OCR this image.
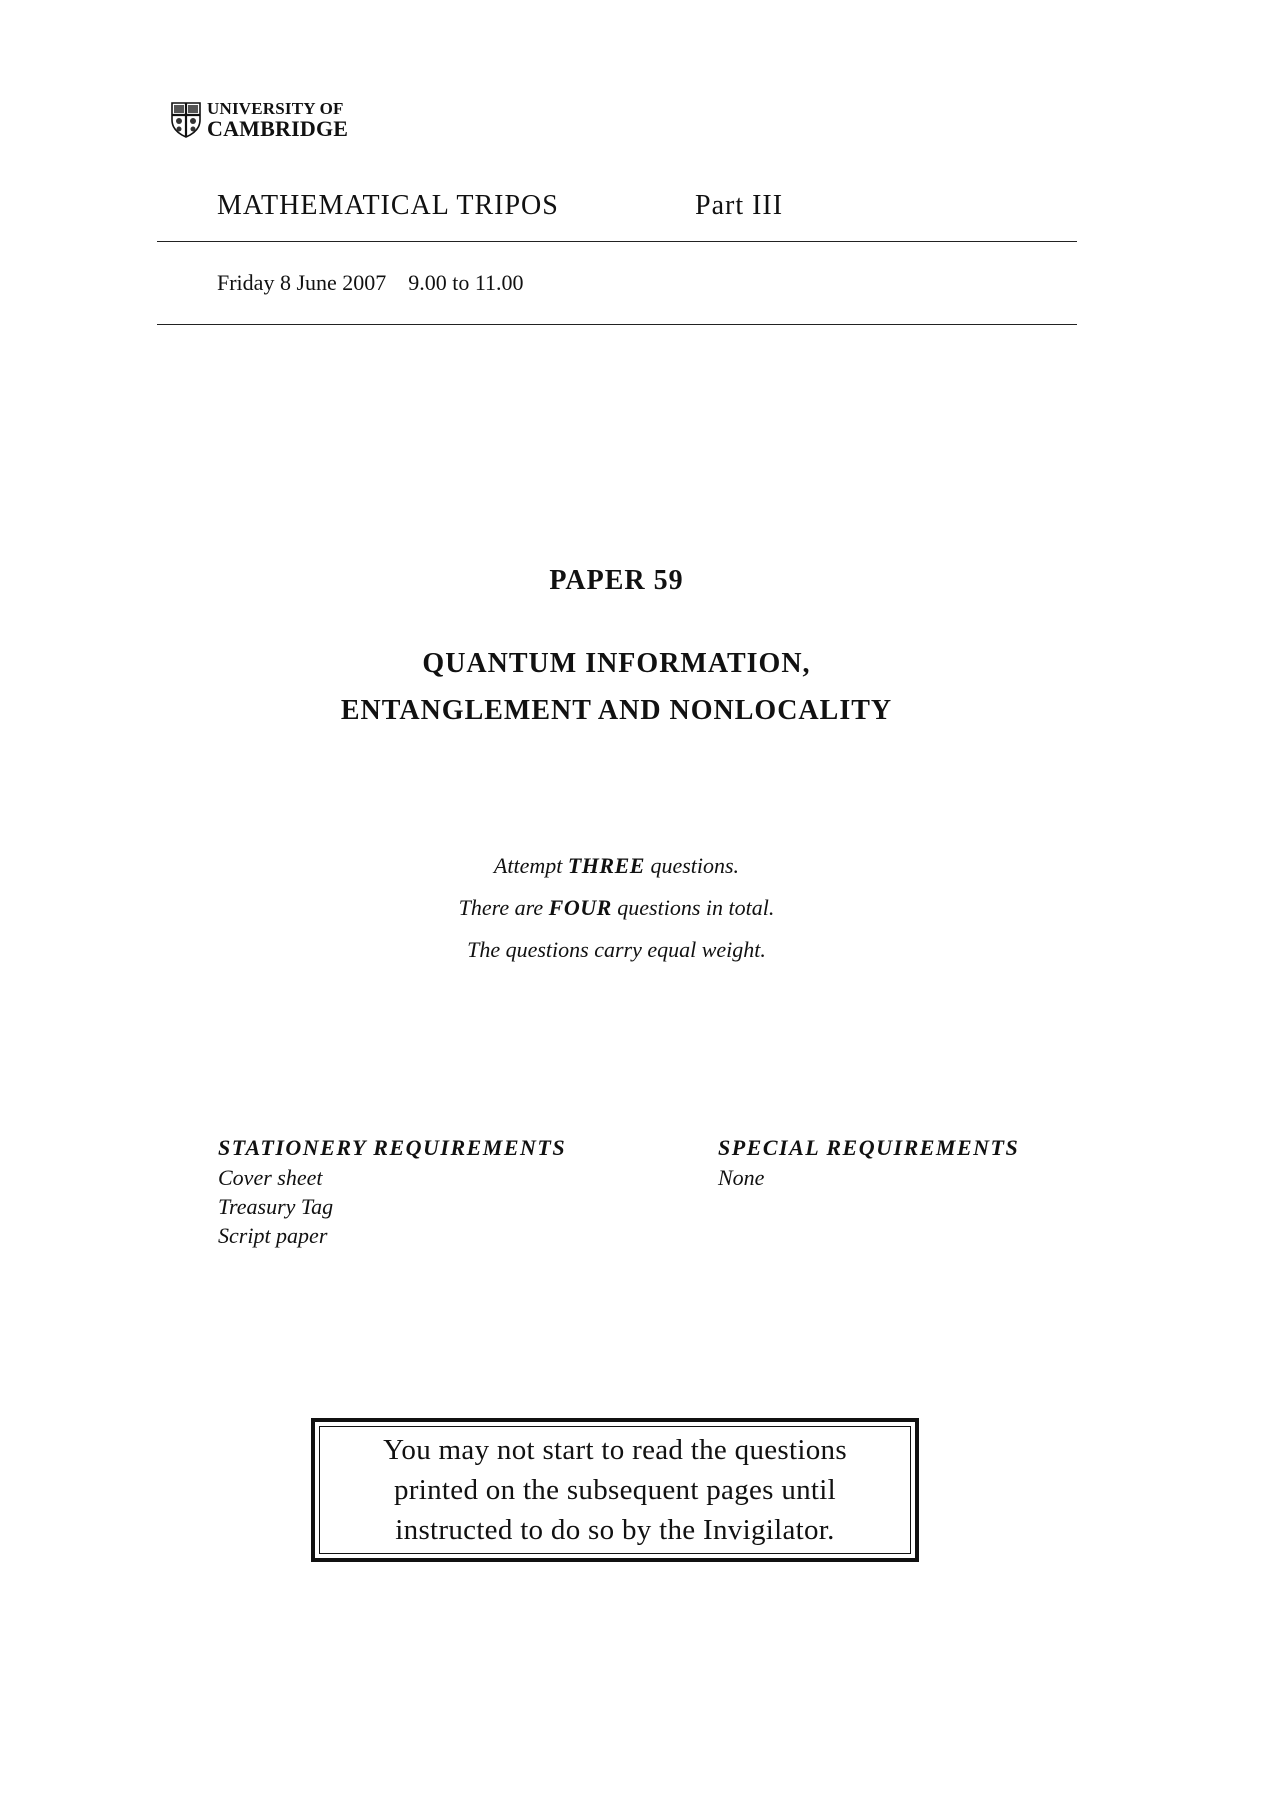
UNIVERSITY OF
CAMBRIDGE
MATHEMATICAL TRIPOS	Part III
Friday 8 June 2007 9.00 to 11.00
PAPER 59
QUANTUM INFORMATION,
ENTANGLEMENT AND NONLOCALITY
Attempt THREE questions.
There are FOUR questions in total.
The questions carry equal weight.
STATIONERY REQUIREMENTS
Cover sheet
Treasury Tag
Script paper
SPECIAL REQUIREMENTS
None
You may not start to read the questions
printed on the subsequent pages until
instructed to do so by the Invigilator.
